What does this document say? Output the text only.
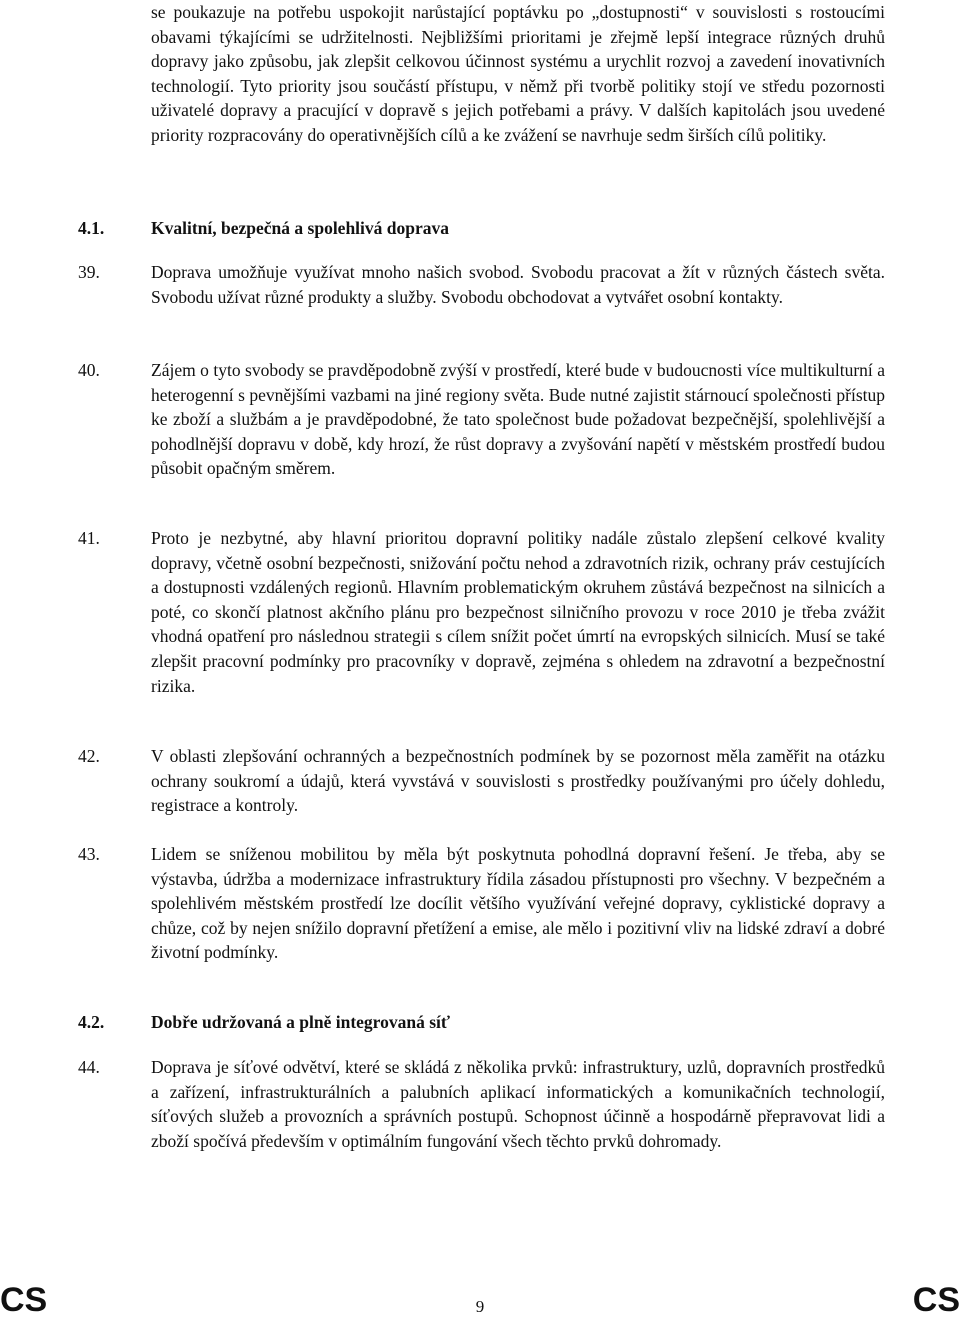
se poukazuje na potřebu uspokojit narůstající poptávku po „dostupnosti“ v souvislosti s rostoucími obavami týkajícími se udržitelnosti. Nejbližšími prioritami je zřejmě lepší integrace různých druhů dopravy jako způsobu, jak zlepšit celkovou účinnost systému a urychlit rozvoj a zavedení inovativních technologií. Tyto priority jsou součástí přístupu, v němž při tvorbě politiky stojí ve středu pozornosti uživatelé dopravy a pracující v dopravě s jejich potřebami a právy. V dalších kapitolách jsou uvedené priority rozpracovány do operativnějších cílů a ke zvážení se navrhuje sedm širších cílů politiky.

4.1.	Kvalitní, bezpečná a spolehlivá doprava

39.	Doprava umožňuje využívat mnoho našich svobod. Svobodu pracovat a žít v různých částech světa. Svobodu užívat různé produkty a služby. Svobodu obchodovat a vytvářet osobní kontakty.

40.	Zájem o tyto svobody se pravděpodobně zvýší v prostředí, které bude v budoucnosti více multikulturní a heterogenní s pevnějšími vazbami na jiné regiony světa. Bude nutné zajistit stárnoucí společnosti přístup ke zboží a službám a je pravděpodobné, že tato společnost bude požadovat bezpečnější, spolehlivější a pohodlnější dopravu v době, kdy hrozí, že růst dopravy a zvyšování napětí v městském prostředí budou působit opačným směrem.

41.	Proto je nezbytné, aby hlavní prioritou dopravní politiky nadále zůstalo zlepšení celkové kvality dopravy, včetně osobní bezpečnosti, snižování počtu nehod a zdravotních rizik, ochrany práv cestujících a dostupnosti vzdálených regionů. Hlavním problematickým okruhem zůstává bezpečnost na silnicích a poté, co skončí platnost akčního plánu pro bezpečnost silničního provozu v roce 2010 je třeba zvážit vhodná opatření pro následnou strategii s cílem snížit počet úmrtí na evropských silnicích. Musí se také zlepšit pracovní podmínky pro pracovníky v dopravě, zejména s ohledem na zdravotní a bezpečnostní rizika.

42.	V oblasti zlepšování ochranných a bezpečnostních podmínek by se pozornost měla zaměřit na otázku ochrany soukromí a údajů, která vyvstává v souvislosti s prostředky používanými pro účely dohledu, registrace a kontroly.

43.	Lidem se sníženou mobilitou by měla být poskytnuta pohodlná dopravní řešení. Je třeba, aby se výstavba, údržba a modernizace infrastruktury řídila zásadou přístupnosti pro všechny. V bezpečném a spolehlivém městském prostředí lze docílit většího využívání veřejné dopravy, cyklistické dopravy a chůze, což by nejen snížilo dopravní přetížení a emise, ale mělo i pozitivní vliv na lidské zdraví a dobré životní podmínky.

4.2.	Dobře udržovaná a plně integrovaná síť

44.	Doprava je síťové odvětví, které se skládá z několika prvků: infrastruktury, uzlů, dopravních prostředků a zařízení, infrastrukturálních a palubních aplikací informatických a komunikačních technologií, síťových služeb a provozních a správních postupů. Schopnost účinně a hospodárně přepravovat lidi a zboží spočívá především v optimálním fungování všech těchto prvků dohromady.

CS	9	CS
